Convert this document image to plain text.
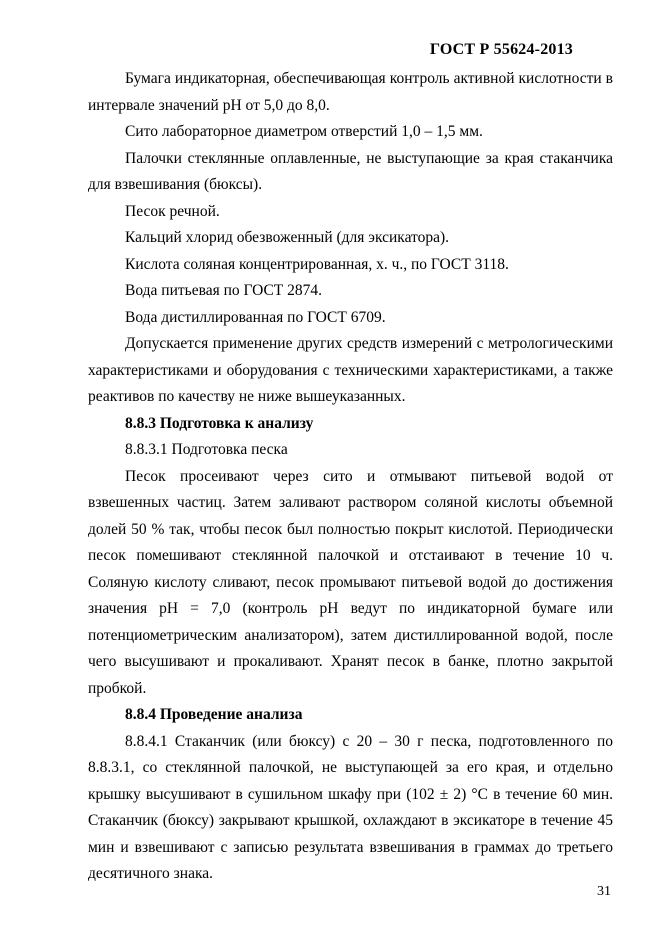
ГОСТ Р 55624-2013

Бумага индикаторная, обеспечивающая контроль активной кислотности в интервале значений рН от 5,0 до 8,0.

Сито лабораторное диаметром отверстий 1,0 – 1,5 мм.

Палочки стеклянные оплавленные, не выступающие за края стаканчика для взвешивания (бюксы).

Песок речной.

Кальций хлорид обезвоженный (для эксикатора).

Кислота соляная концентрированная, х. ч., по ГОСТ 3118.

Вода питьевая по ГОСТ 2874.

Вода дистиллированная по ГОСТ 6709.

Допускается применение других средств измерений с метрологическими характеристиками и оборудования с техническими характеристиками, а также реактивов по качеству не ниже вышеуказанных.

8.8.3 Подготовка к анализу

8.8.3.1 Подготовка песка

Песок просеивают через сито и отмывают питьевой водой от взвешенных частиц. Затем заливают раствором соляной кислоты объемной долей 50 % так, чтобы песок был полностью покрыт кислотой. Периодически песок помешивают стеклянной палочкой и отстаивают в течение 10 ч. Соляную кислоту сливают, песок промывают питьевой водой до достижения значения рН = 7,0 (контроль рН ведут по индикаторной бумаге или потенциометрическим анализатором), затем дистиллированной водой, после чего высушивают и прокаливают. Хранят песок в банке, плотно закрытой пробкой.

8.8.4 Проведение анализа

8.8.4.1 Стаканчик (или бюксу) с 20 – 30 г песка, подготовленного по 8.8.3.1, со стеклянной палочкой, не выступающей за его края, и отдельно крышку высушивают в сушильном шкафу при (102 ± 2) °С в течение 60 мин. Стаканчик (бюксу) закрывают крышкой, охлаждают в эксикаторе в течение 45 мин и взвешивают с записью результата взвешивания в граммах до третьего десятичного знака.

31
